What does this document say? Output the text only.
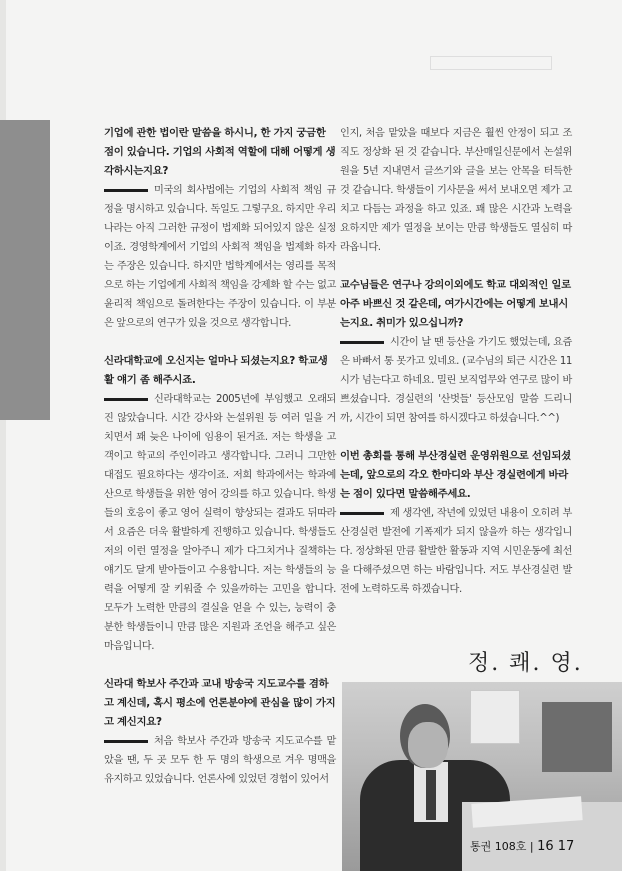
기업에 관한 법이란 말씀을 하시니, 한 가지 궁금한 점이 있습니다. 기업의 사회적 역할에 대해 어떻게 생각하시는지요?

미국의 회사법에는 기업의 사회적 책임 규정을 명시하고 있습니다. 독일도 그렇구요. 하지만 우리나라는 아직 그러한 규정이 법제화 되어있지 않은 실정이죠. 경영학계에서 기업의 사회적 책임을 법제화 하자는 주장은 있습니다. 하지만 법학계에서는 영리를 목적으로 하는 기업에게 사회적 책임을 강제화 할 수는 없고 윤리적 책임으로 돌려한다는 주장이 있습니다. 이 부분은 앞으로의 연구가 있을 것으로 생각합니다.

신라대학교에 오신지는 얼마나 되셨는지요? 학교생활 얘기 좀 해주시죠.

신라대학교는 2005년에 부임했고 오래되진 않았습니다. 시간 강사와 논설위원 등 여러 일을 거치면서 꽤 늦은 나이에 임용이 된거죠. 저는 학생을 고객이고 학교의 주인이라고 생각합니다. 그러니 그만한 대접도 필요하다는 생각이죠. 저희 학과에서는 학과예산으로 학생들을 위한 영어 강의를 하고 있습니다. 학생들의 호응이 좋고 영어 실력이 향상되는 결과도 뒤따라서 요즘은 더욱 활발하게 진행하고 있습니다. 학생들도 저의 이런 열정을 알아주니 제가 다그치거나 질책하는 얘기도 달게 받아들이고 수용합니다. 저는 학생들의 능력을 어떻게 잘 키워줄 수 있을까하는 고민을 합니다. 모두가 노력한 만큼의 결실을 얻을 수 있는, 능력이 충분한 학생들이니 만큼 많은 지원과 조언을 해주고 싶은 마음입니다.

신라대 학보사 주간과 교내 방송국 지도교수를 겸하고 계신데, 혹시 평소에 언론분야에 관심을 많이 가지고 계신지요?

처음 학보사 주간과 방송국 지도교수를 맡았을 땐, 두 곳 모두 한 두 명의 학생으로 겨우 명맥을 유지하고 있었습니다. 언론사에 있었던 경험이 있어서

인지, 처음 맡았을 때보다 지금은 훨씬 안정이 되고 조직도 정상화 된 것 같습니다. 부산매일신문에서 논설위원을 5년 지내면서 글쓰기와 글을 보는 안목을 터득한 것 같습니다. 학생들이 기사문을 써서 보내오면 제가 고치고 다듬는 과정을 하고 있죠. 꽤 많은 시간과 노력을 요하지만 제가 열정을 보이는 만큼 학생들도 열심히 따라옵니다.

교수님들은 연구나 강의이외에도 학교 대외적인 일로 아주 바쁘신 것 같은데, 여가시간에는 어떻게 보내시는지요. 취미가 있으십니까?

시간이 날 땐 등산을 가기도 했었는데, 요즘은 바빠서 통 못가고 있네요. (교수님의 퇴근 시간은 11시가 넘는다고 하네요. 밀린 보직업무와 연구로 많이 바쁘셨습니다. 경실련의 '산벗들' 등산모임 말씀 드리니까, 시간이 되면 참여를 하시겠다고 하셨습니다.^^)

이번 총회를 통해 부산경실련 운영위원으로 선임되셨는데, 앞으로의 각오 한마디와 부산 경실련에게 바라는 점이 있다면 말씀해주세요.

제 생각엔, 작년에 있었던 내용이 오히려 부산경실련 발전에 기폭제가 되지 않을까 하는 생각입니다. 정상화된 만큼 활발한 활동과 지역 시민운동에 최선을 다해주셨으면 하는 바람입니다. 저도 부산경실련 발전에 노력하도록 하겠습니다.

정. 쾌. 영.
통권 108호 | 16 17
